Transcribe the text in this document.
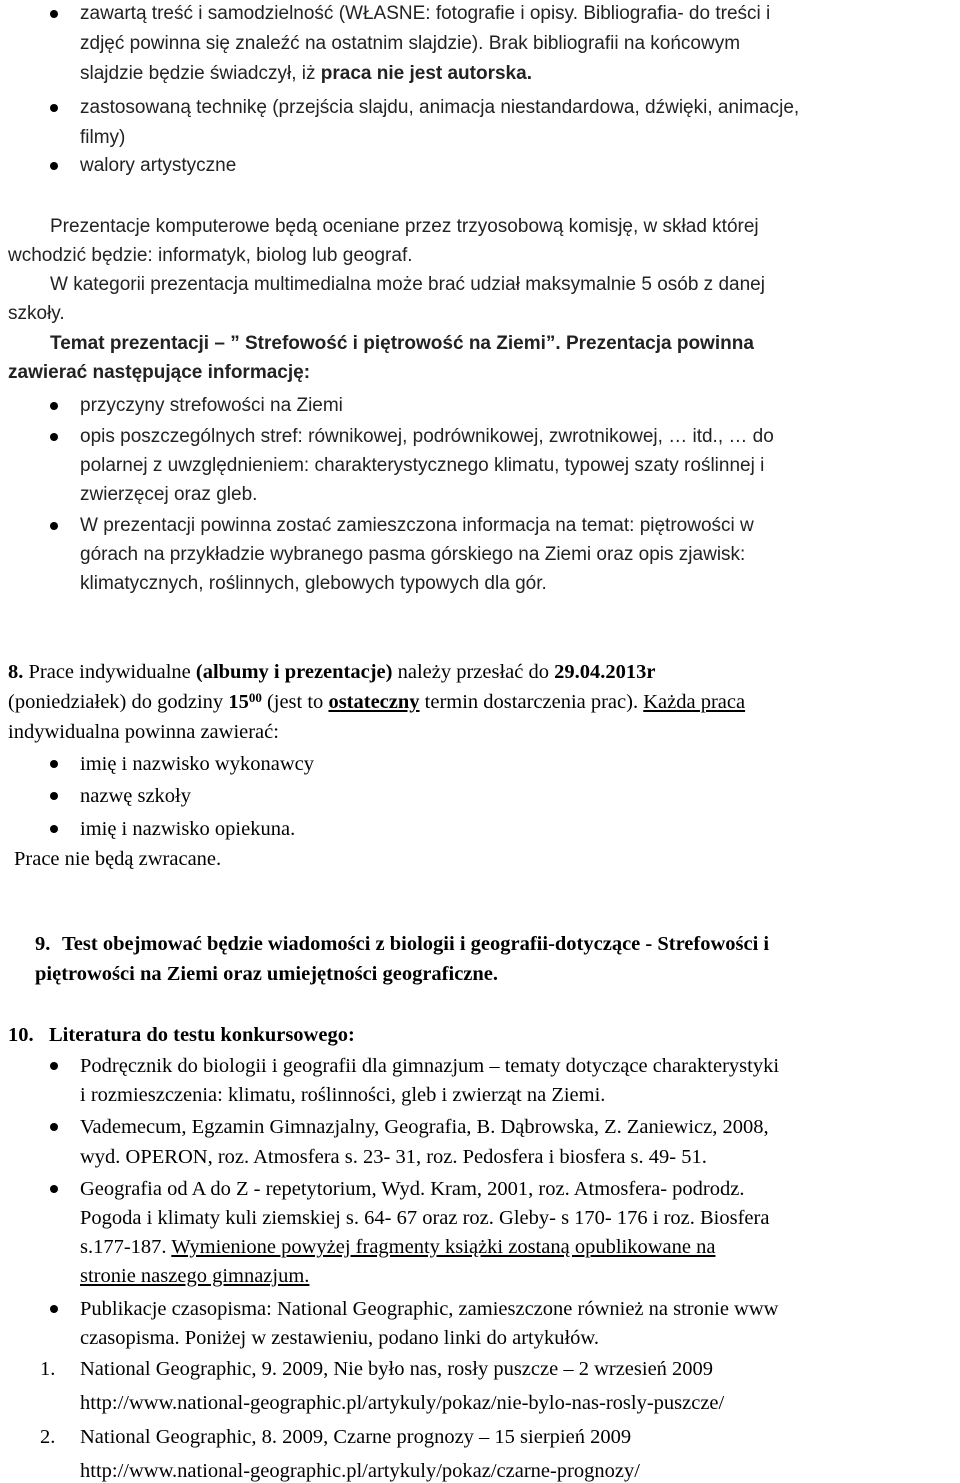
zawartą treść i samodzielność (WŁASNE: fotografie i opisy. Bibliografia- do treści i
zdjęć powinna się znaleźć na ostatnim slajdzie). Brak bibliografii na końcowym
slajdzie będzie świadczył, iż praca nie jest autorska.
zastosowaną technikę (przejścia slajdu, animacja niestandardowa, dźwięki, animacje,
filmy)
walory artystyczne
Prezentacje komputerowe będą oceniane przez trzyosobową komisję, w skład której
wchodzić będzie: informatyk, biolog lub geograf.
W kategorii prezentacja multimedialna może brać udział maksymalnie 5 osób z danej
szkoły.
Temat prezentacji – ” Strefowość i piętrowość na Ziemi”. Prezentacja powinna
zawierać następujące informację:
przyczyny strefowości na Ziemi
opis poszczególnych stref: równikowej, podrównikowej, zwrotnikowej, … itd., … do
polarnej z uwzględnieniem: charakterystycznego klimatu, typowej szaty roślinnej i
zwierzęcej oraz gleb.
W prezentacji powinna zostać zamieszczona informacja na temat: piętrowości w
górach na przykładzie wybranego pasma górskiego na Ziemi oraz opis zjawisk:
klimatycznych, roślinnych, glebowych typowych dla gór.
8. Prace indywidualne (albumy i prezentacje) należy przesłać do 29.04.2013r
(poniedziałek) do godziny $15^{00}$ (jest to ostateczny termin dostarczenia prac). Każda praca
indywidualna powinna zawierać:
imię i nazwisko wykonawcy
nazwę szkoły
imię i nazwisko opiekuna.
Prace nie będą zwracane.
9. Test obejmować będzie wiadomości z biologii i geografii-dotyczące - Strefowości i
piętrowości na Ziemi oraz umiejętności geograficzne.
10. Literatura do testu konkursowego:
Podręcznik do biologii i geografii dla gimnazjum – tematy dotyczące charakterystyki
i rozmieszczenia: klimatu, roślinności, gleb i zwierząt na Ziemi.
Vademecum, Egzamin Gimnazjalny, Geografia, B. Dąbrowska, Z. Zaniewicz, 2008,
wyd. OPERON, roz. Atmosfera s. 23- 31, roz. Pedosfera i biosfera s. 49- 51.
Geografia od A do Z - repetytorium, Wyd. Kram, 2001, roz. Atmosfera- podrodz.
Pogoda i klimaty kuli ziemskiej s. 64- 67 oraz roz. Gleby- s 170- 176 i roz. Biosfera
s.177-187. Wymienione powyżej fragmenty książki zostaną opublikowane na
stronie naszego gimnazjum.
Publikacje czasopisma: National Geographic, zamieszczone również na stronie www
czasopisma. Poniżej w zestawieniu, podano linki do artykułów.
1. National Geographic, 9. 2009, Nie było nas, rosły puszcze – 2 wrzesień 2009
http://www.national-geographic.pl/artykuly/pokaz/nie-bylo-nas-rosly-puszcze/
2. National Geographic, 8. 2009, Czarne prognozy – 15 sierpień 2009
http://www.national-geographic.pl/artykuly/pokaz/czarne-prognozy/
